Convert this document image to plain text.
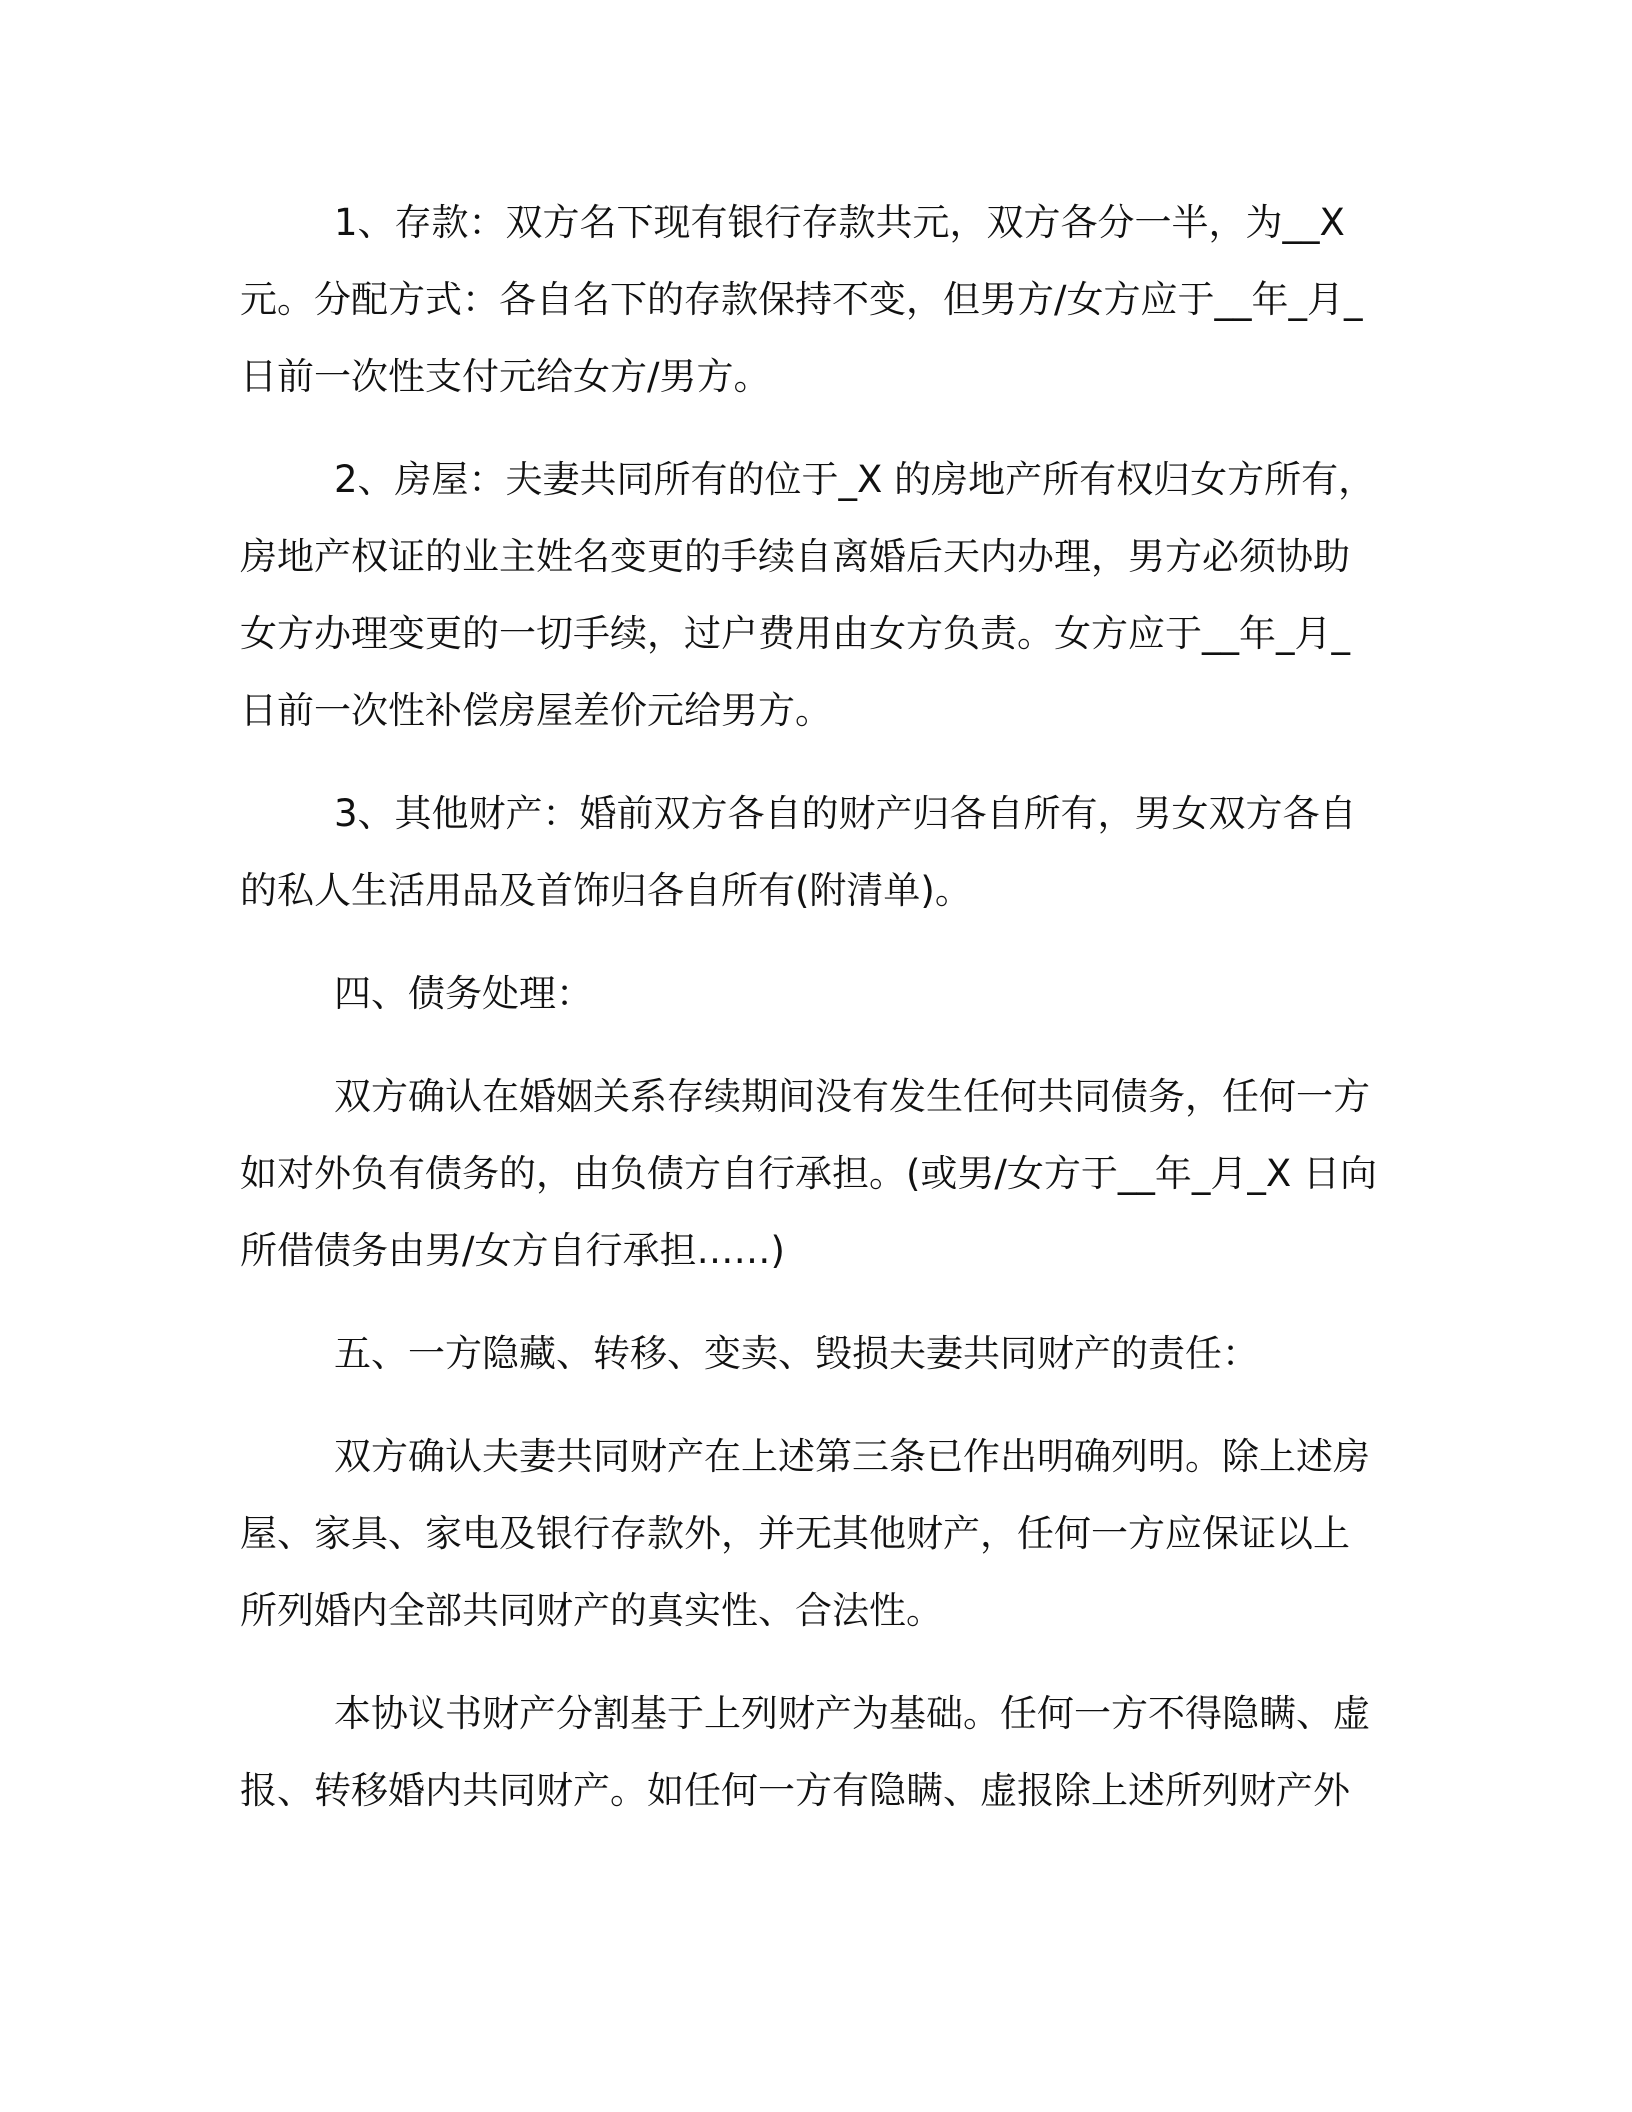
1、存款：双方名下现有银行存款共元，双方各分一半，为__X
元。分配方式：各自名下的存款保持不变，但男方/女方应于__年_月_
日前一次性支付元给女方/男方。

2、房屋：夫妻共同所有的位于_X 的房地产所有权归女方所有，
房地产权证的业主姓名变更的手续自离婚后天内办理，男方必须协助
女方办理变更的一切手续，过户费用由女方负责。女方应于__年_月_
日前一次性补偿房屋差价元给男方。

3、其他财产：婚前双方各自的财产归各自所有，男女双方各自
的私人生活用品及首饰归各自所有(附清单)。

四、债务处理：

双方确认在婚姻关系存续期间没有发生任何共同债务，任何一方
如对外负有债务的，由负债方自行承担。(或男/女方于__年_月_X 日向
所借债务由男/女方自行承担……)

五、一方隐藏、转移、变卖、毁损夫妻共同财产的责任：

双方确认夫妻共同财产在上述第三条已作出明确列明。除上述房
屋、家具、家电及银行存款外，并无其他财产，任何一方应保证以上
所列婚内全部共同财产的真实性、合法性。

本协议书财产分割基于上列财产为基础。任何一方不得隐瞒、虚
报、转移婚内共同财产。如任何一方有隐瞒、虚报除上述所列财产外
